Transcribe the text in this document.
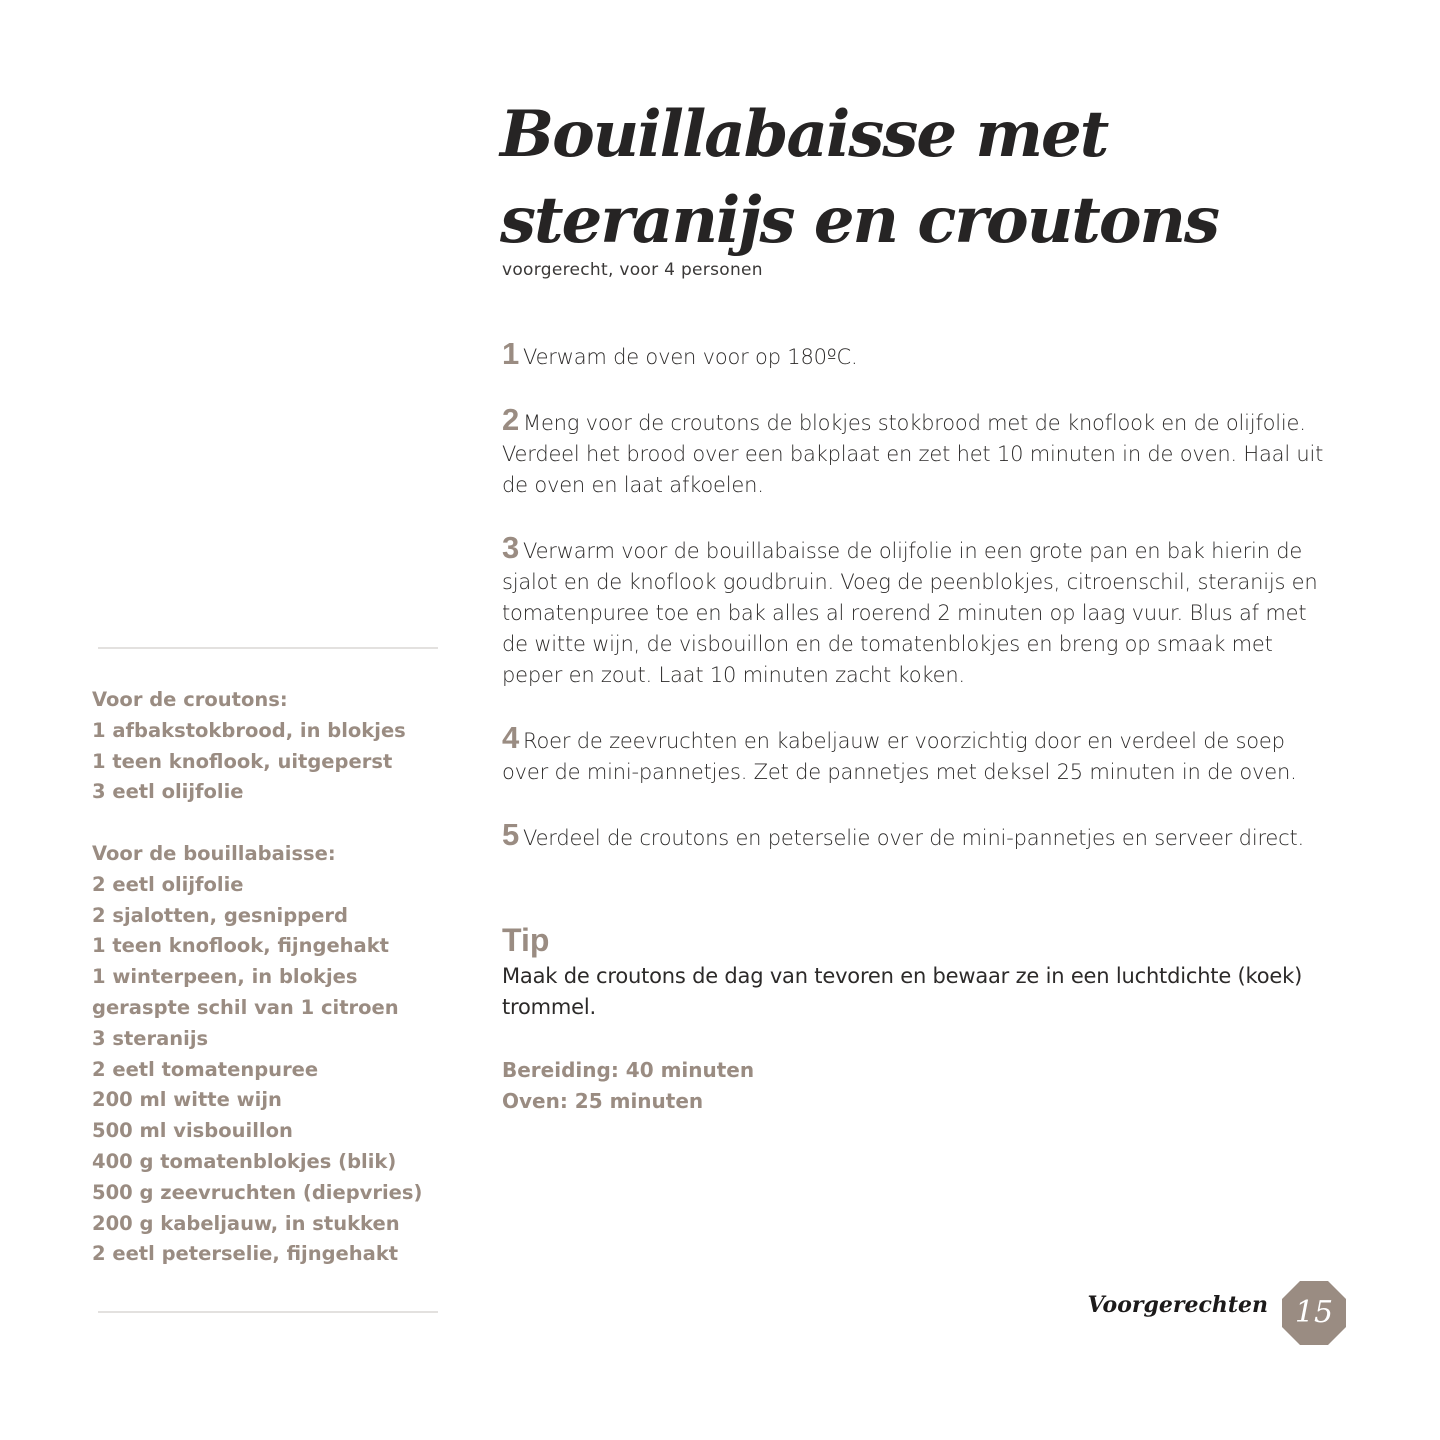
Bouillabaisse met
steranijs en croutons
voorgerecht, voor 4 personen

1 Verwam de oven voor op 180ºC.

2 Meng voor de croutons de blokjes stokbrood met de knoflook en de olijfolie. Verdeel het brood over een bakplaat en zet het 10 minuten in de oven. Haal uit de oven en laat afkoelen.

3 Verwarm voor de bouillabaisse de olijfolie in een grote pan en bak hierin de sjalot en de knoflook goudbruin. Voeg de peenblokjes, citroenschil, steranijs en tomatenpuree toe en bak alles al roerend 2 minuten op laag vuur. Blus af met de witte wijn, de visbouillon en de tomatenblokjes en breng op smaak met peper en zout. Laat 10 minuten zacht koken.

4 Roer de zeevruchten en kabeljauw er voorzichtig door en verdeel de soep over de mini-pannetjes. Zet de pannetjes met deksel 25 minuten in de oven.

5 Verdeel de croutons en peterselie over de mini-pannetjes en serveer direct.

Tip
Maak de croutons de dag van tevoren en bewaar ze in een luchtdichte (koek) trommel.
Bereiding: 40 minuten
Oven: 25 minuten
Voor de croutons:
1 afbakstokbrood, in blokjes
1 teen knoflook, uitgeperst
3 eetl olijfolie
Voor de bouillabaisse:
2 eetl olijfolie
2 sjalotten, gesnipperd
1 teen knoflook, fijngehakt
1 winterpeen, in blokjes
geraspte schil van 1 citroen
3 steranijs
2 eetl tomatenpuree
200 ml witte wijn
500 ml visbouillon
400 g tomatenblokjes (blik)
500 g zeevruchten (diepvries)
200 g kabeljauw, in stukken
2 eetl peterselie, fijngehakt
Voorgerechten 15
